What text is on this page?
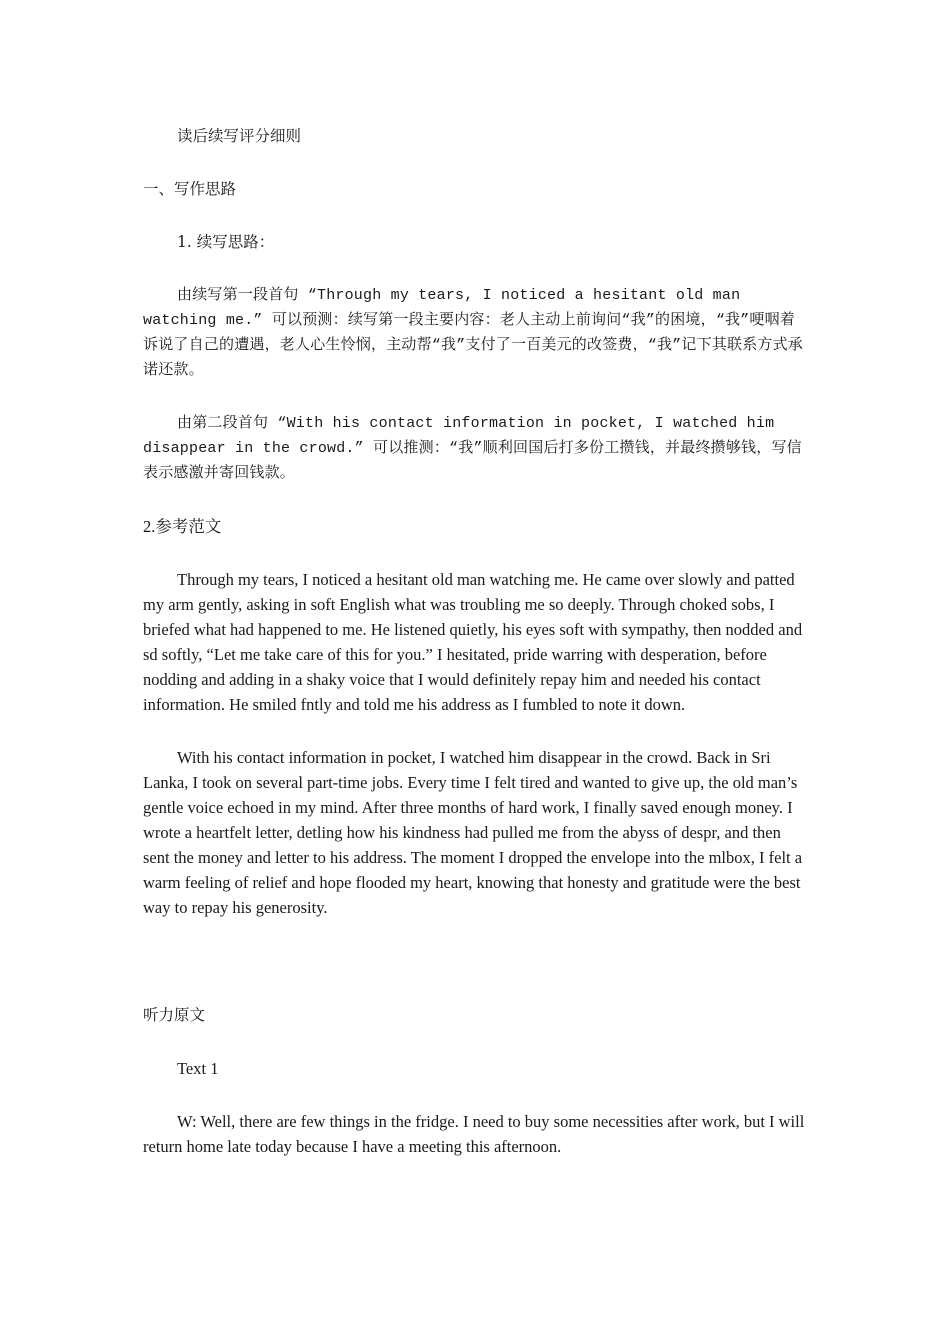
读后续写评分细则

一、写作思路

1. 续写思路：

由续写第一段首句 “Through my tears, I noticed a hesitant old man watching me.” 可以预测：续写第一段主要内容：老人主动上前询问“我”的困境，“我”哽咽着诉说了自己的遭遇，老人心生怜悯，主动帮“我”支付了一百美元的改签费，“我”记下其联系方式承诺还款。

由第二段首句 “With his contact information in pocket, I watched him disappear in the crowd.” 可以推测：“我”顺利回国后打多份工攒钱，并最终攒够钱，写信表示感激并寄回钱款。

2.参考范文

Through my tears, I noticed a hesitant old man watching me. He came over slowly and patted my arm gently, asking in soft English what was troubling me so deeply. Through choked sobs, I briefed what had happened to me. He listened quietly, his eyes soft with sympathy, then nodded and sd softly, “Let me take care of this for you.” I hesitated, pride warring with desperation, before nodding and adding in a shaky voice that I would definitely repay him and needed his contact information. He smiled fntly and told me his address as I fumbled to note it down.

With his contact information in pocket, I watched him disappear in the crowd. Back in Sri Lanka, I took on several part-time jobs. Every time I felt tired and wanted to give up, the old man’s gentle voice echoed in my mind. After three months of hard work, I finally saved enough money. I wrote a heartfelt letter, detling how his kindness had pulled me from the abyss of despr, and then sent the money and letter to his address. The moment I dropped the envelope into the mlbox, I felt a warm feeling of relief and hope flooded my heart, knowing that honesty and gratitude were the best way to repay his generosity.

听力原文

Text 1

W: Well, there are few things in the fridge. I need to buy some necessities after work, but I will return home late today because I have a meeting this afternoon.
